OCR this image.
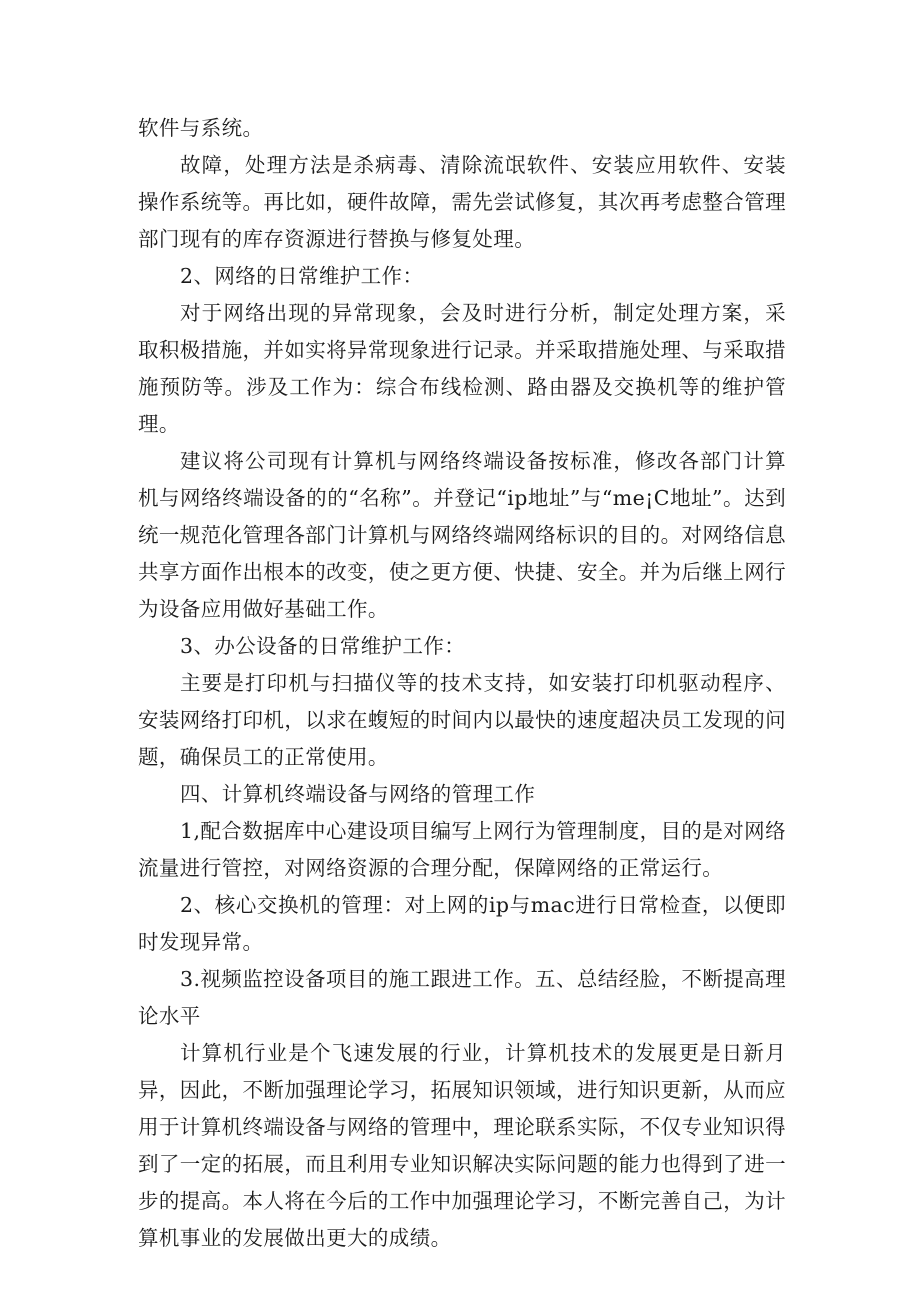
软件与系统。

故障，处理方法是杀病毒、清除流氓软件、安装应用软件、安装操作系统等。再比如，硬件故障，需先尝试修复，其次再考虑整合管理部门现有的库存资源进行替换与修复处理。

2、网络的日常维护工作：

对于网络出现的异常现象，会及时进行分析，制定处理方案，采取积极措施，并如实将异常现象进行记录。并采取措施处理、与采取措施预防等。涉及工作为：综合布线检测、路由器及交换机等的维护管理。

建议将公司现有计算机与网络终端设备按标准，修改各部门计算机与网络终端设备的的“名称”。并登记“ip地址”与“me¡C地址”。达到统一规范化管理各部门计算机与网络终端网络标识的目的。对网络信息共享方面作出根本的改变，使之更方便、快捷、安全。并为后继上网行为设备应用做好基础工作。

3、办公设备的日常维护工作：

主要是打印机与扫描仪等的技术支持，如安装打印机驱动程序、安装网络打印机，以求在蝮短的时间内以最快的速度超决员工发现的问题，确保员工的正常使用。

四、计算机终端设备与网络的管理工作

1,配合数据库中心建设项目编写上网行为管理制度，目的是对网络流量进行管控，对网络资源的合理分配，保障网络的正常运行。

2、核心交换机的管理：对上网的ip与mac进行日常检查，以便即时发现异常。

3.视频监控设备项目的施工跟进工作。五、总结经脸，不断提高理论水平

计算机行业是个飞速发展的行业，计算机技术的发展更是日新月异，因此，不断加强理论学习，拓展知识领域，进行知识更新，从而应用于计算机终端设备与网络的管理中，理论联系实际，不仅专业知识得到了一定的拓展，而且利用专业知识解决实际问题的能力也得到了进一步的提高。本人将在今后的工作中加强理论学习，不断完善自己，为计算机事业的发展做出更大的成绩。
